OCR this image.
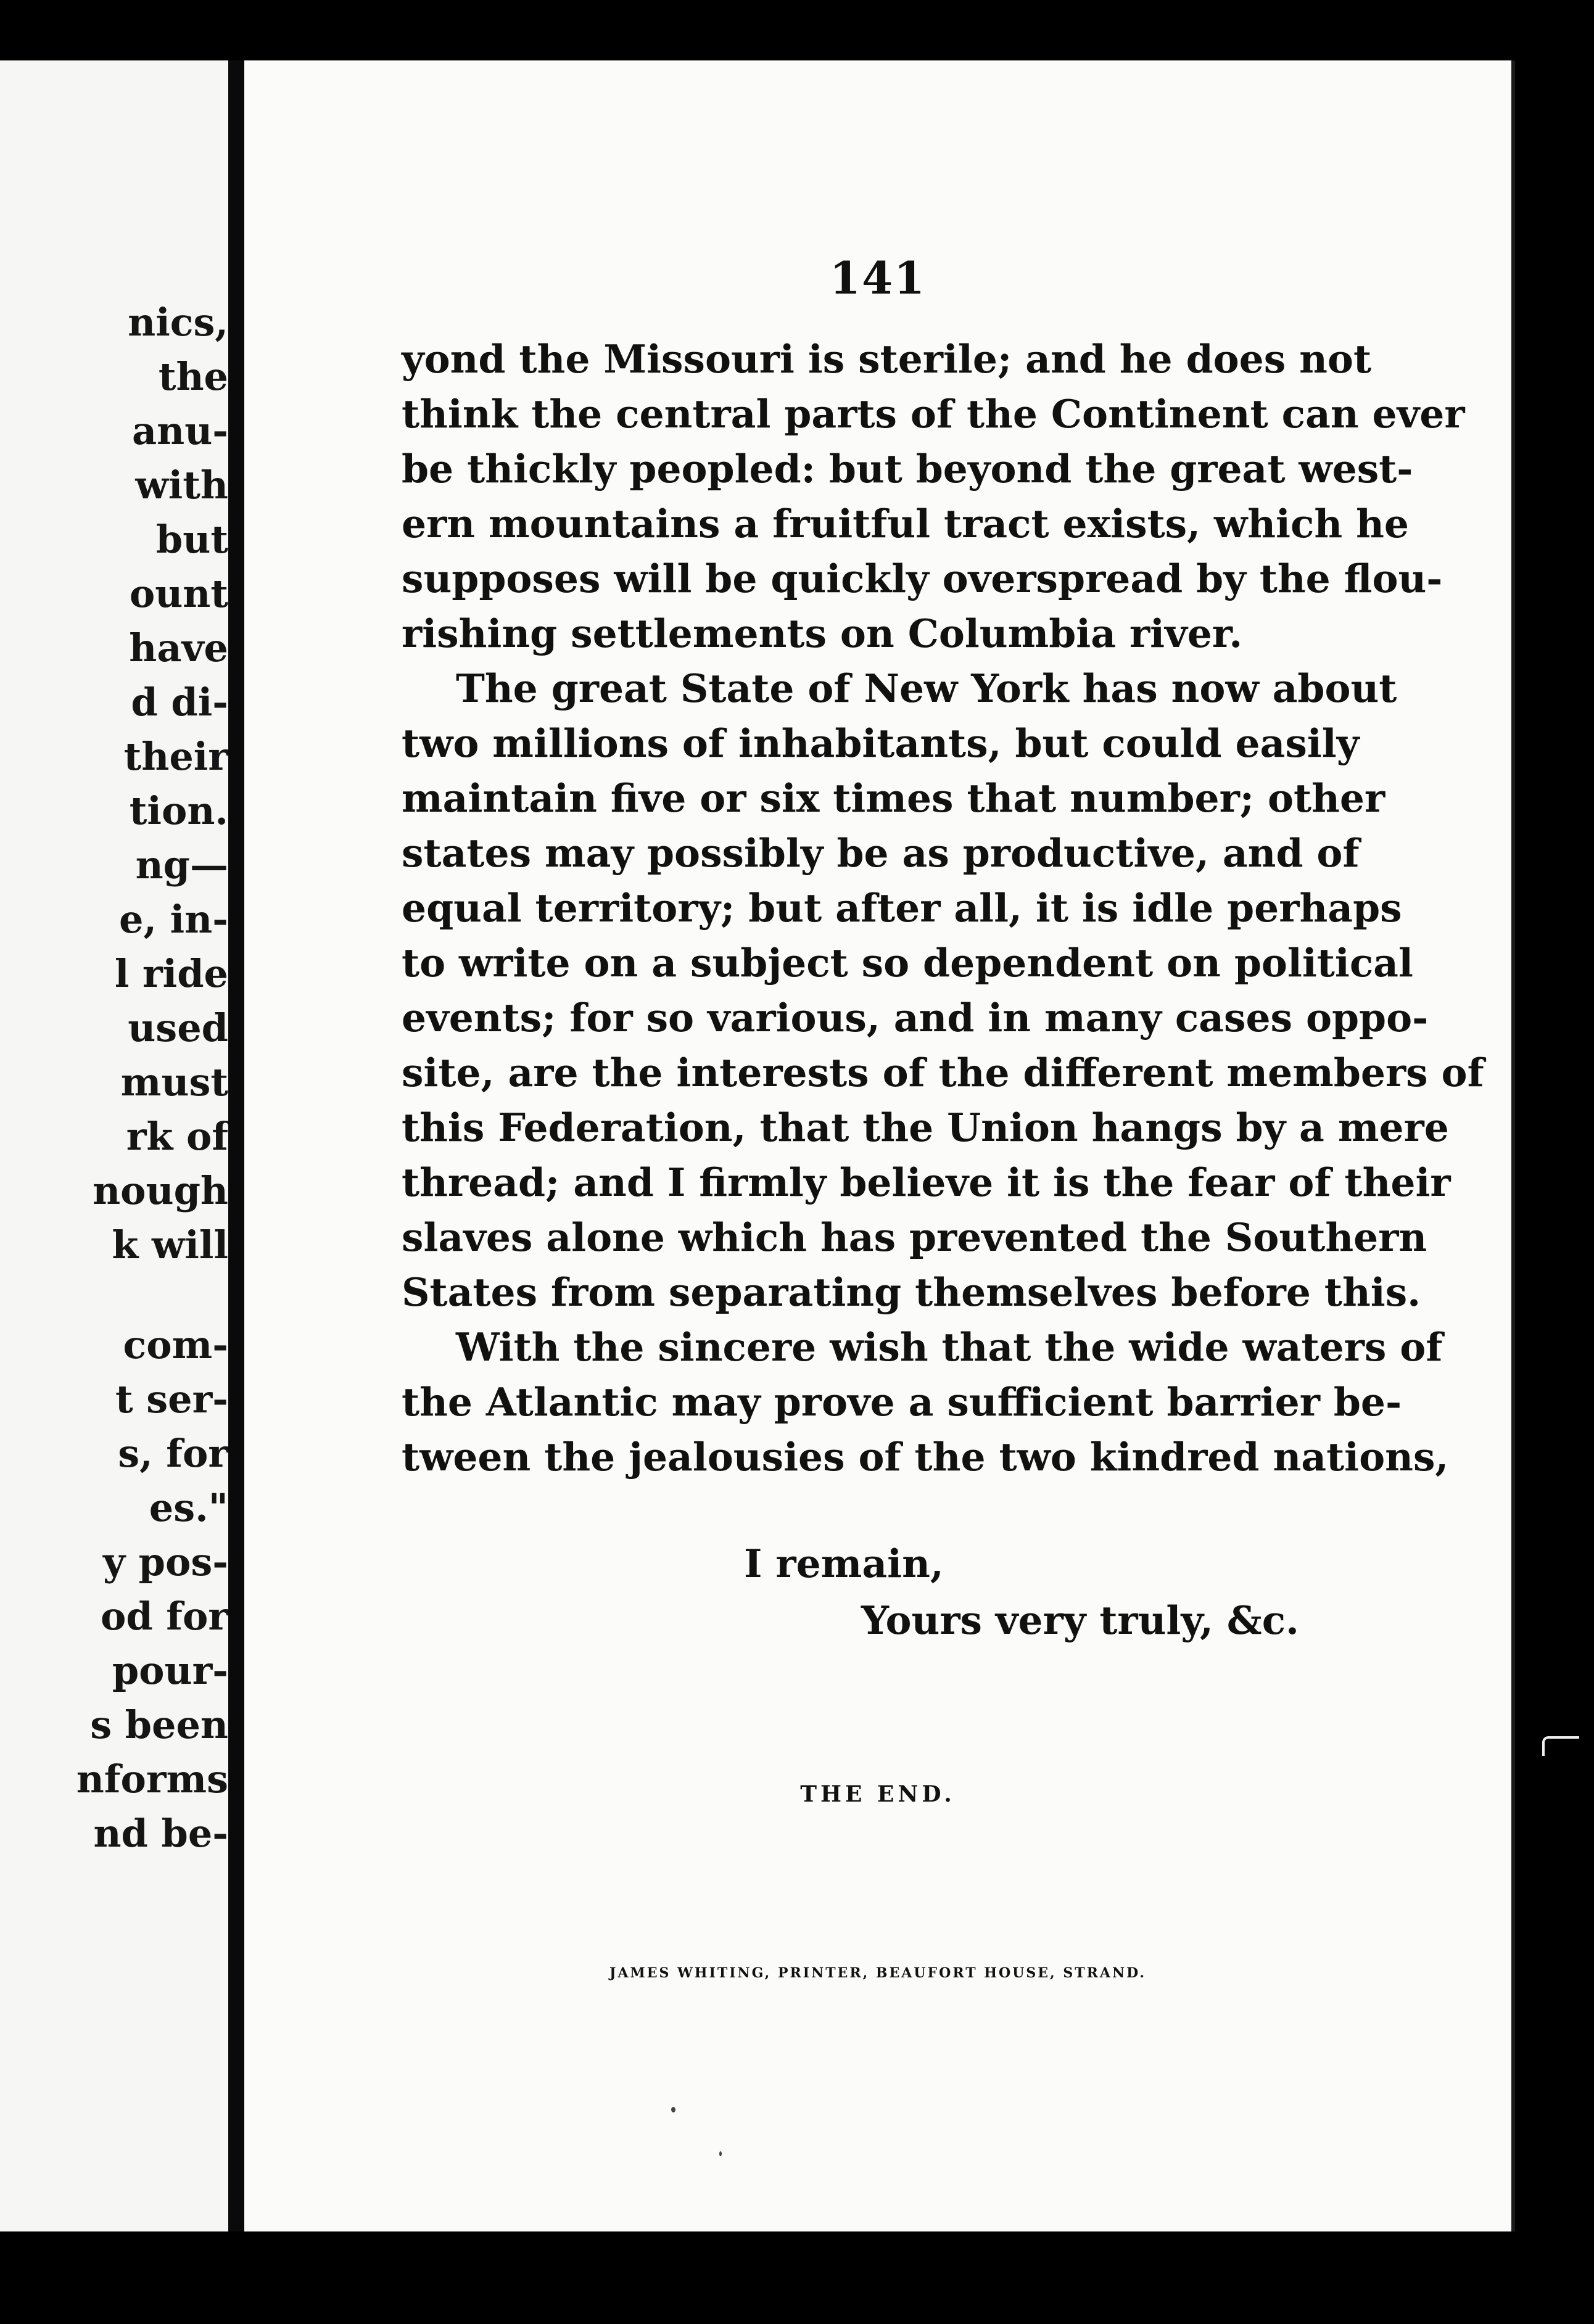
nics,
the
anu-
with
but
ount
have
d di-
their
tion.
ng—
e, in-
l ride
used
must
rk of
nough
k will
com-
t ser-
s, for
es."
y pos-
od for
pour-
s been
nforms
nd be-
141
yond the Missouri is sterile; and he does not
think the central parts of the Continent can ever
be thickly peopled: but beyond the great west-
ern mountains a fruitful tract exists, which he
supposes will be quickly overspread by the flou-
rishing settlements on Columbia river.
The great State of New York has now about
two millions of inhabitants, but could easily
maintain five or six times that number; other
states may possibly be as productive, and of
equal territory; but after all, it is idle perhaps
to write on a subject so dependent on political
events; for so various, and in many cases oppo-
site, are the interests of the different members of
this Federation, that the Union hangs by a mere
thread; and I firmly believe it is the fear of their
slaves alone which has prevented the Southern
States from separating themselves before this.
With the sincere wish that the wide waters of
the Atlantic may prove a sufficient barrier be-
tween the jealousies of the two kindred nations,
I remain,
Yours very truly, &c.
THE END.
JAMES WHITING, PRINTER, BEAUFORT HOUSE, STRAND.
